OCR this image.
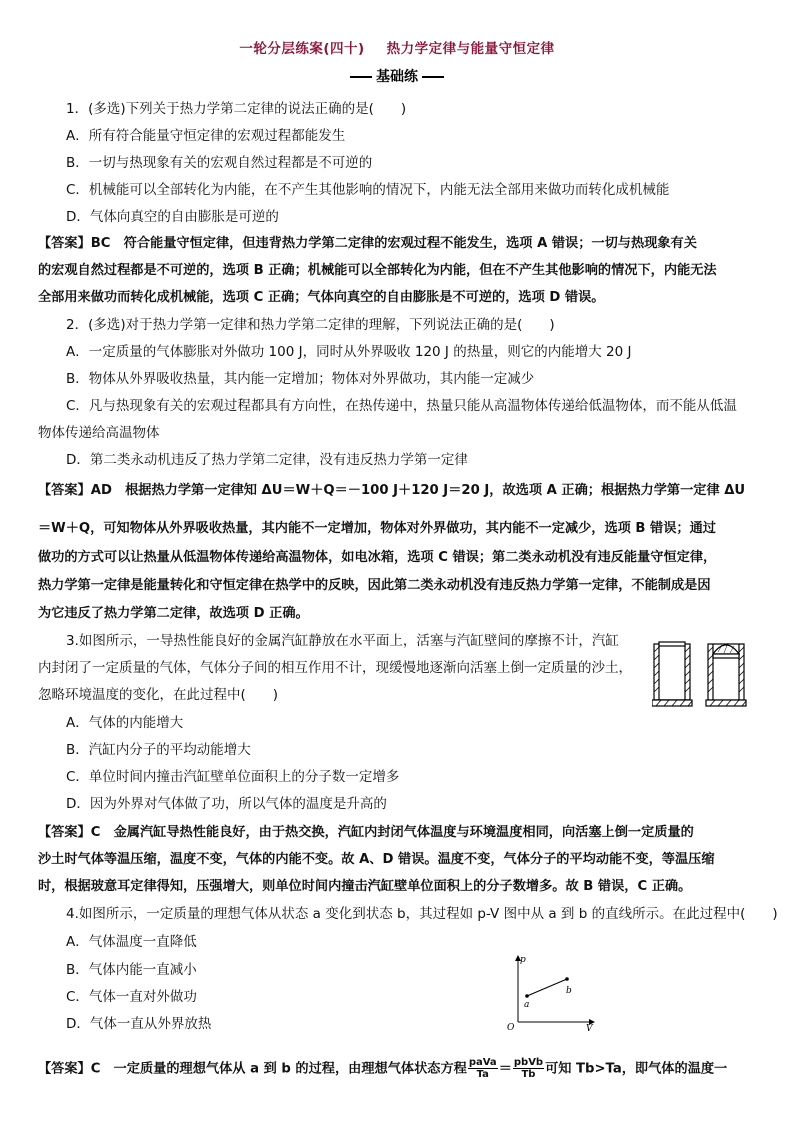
一轮分层练案(四十) 热力学定律与能量守恒定律
基础练
1．(多选)下列关于热力学第二定律的说法正确的是(　　)
A．所有符合能量守恒定律的宏观过程都能发生
B．一切与热现象有关的宏观自然过程都是不可逆的
C．机械能可以全部转化为内能，在不产生其他影响的情况下，内能无法全部用来做功而转化成机械能
D．气体向真空的自由膨胀是可逆的
【答案】BC　符合能量守恒定律，但违背热力学第二定律的宏观过程不能发生，选项 A 错误；一切与热现象有关
的宏观自然过程都是不可逆的，选项 B 正确；机械能可以全部转化为内能，但在不产生其他影响的情况下，内能无法
全部用来做功而转化成机械能，选项 C 正确；气体向真空的自由膨胀是不可逆的，选项 D 错误。
2．(多选)对于热力学第一定律和热力学第二定律的理解，下列说法正确的是(　　)
A．一定质量的气体膨胀对外做功 100 J，同时从外界吸收 120 J 的热量，则它的内能增大 20 J
B．物体从外界吸收热量，其内能一定增加；物体对外界做功，其内能一定减少
C．凡与热现象有关的宏观过程都具有方向性，在热传递中，热量只能从高温物体传递给低温物体，而不能从低温
物体传递给高温物体
D．第二类永动机违反了热力学第二定律，没有违反热力学第一定律
【答案】AD　根据热力学第一定律知 ΔU＝W＋Q＝－100 J＋120 J＝20 J，故选项 A 正确；根据热力学第一定律 ΔU
＝W＋Q，可知物体从外界吸收热量，其内能不一定增加，物体对外界做功，其内能不一定减少，选项 B 错误；通过
做功的方式可以让热量从低温物体传递给高温物体，如电冰箱，选项 C 错误；第二类永动机没有违反能量守恒定律，
热力学第一定律是能量转化和守恒定律在热学中的反映，因此第二类永动机没有违反热力学第一定律，不能制成是因
为它违反了热力学第二定律，故选项 D 正确。
3.如图所示，一导热性能良好的金属汽缸静放在水平面上，活塞与汽缸壁间的摩擦不计，汽缸
内封闭了一定质量的气体，气体分子间的相互作用不计，现缓慢地逐渐向活塞上倒一定质量的沙土，
忽略环境温度的变化，在此过程中(　　)
A．气体的内能增大
B．汽缸内分子的平均动能增大
C．单位时间内撞击汽缸壁单位面积上的分子数一定增多
D．因为外界对气体做了功，所以气体的温度是升高的
【答案】C　金属汽缸导热性能良好，由于热交换，汽缸内封闭气体温度与环境温度相同，向活塞上倒一定质量的
沙土时气体等温压缩，温度不变，气体的内能不变。故 A、D 错误。温度不变，气体分子的平均动能不变，等温压缩
时，根据玻意耳定律得知，压强增大，则单位时间内撞击汽缸壁单位面积上的分子数增多。故 B 错误，C 正确。
4.如图所示，一定质量的理想气体从状态 a 变化到状态 b，其过程如 p-V 图中从 a 到 b 的直线所示。在此过程中(　　)
A．气体温度一直降低
B．气体内能一直减小
C．气体一直对外做功
D．气体一直从外界放热
p
V
O
a
b
【答案】C　一定质量的理想气体从 a 到 b 的过程，由理想气体状态方程 $\frac{\text{paVa}}{Ta} = \frac{\text{pbVb}}{Tb}$ 可知 Tb>Ta，即气体的温度一
